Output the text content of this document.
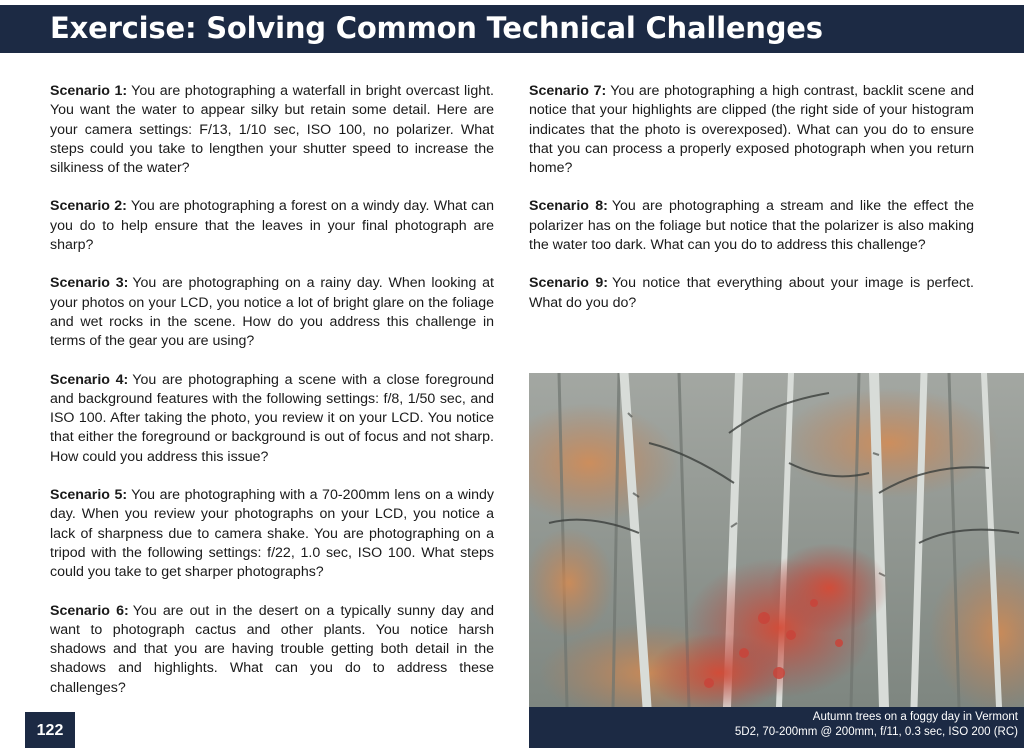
Exercise: Solving Common Technical Challenges

Scenario 1: You are photographing a waterfall in bright overcast light. You want the water to appear silky but retain some detail. Here are your camera settings: F/13, 1/10 sec, ISO 100, no polarizer. What steps could you take to lengthen your shutter speed to increase the silkiness of the water?

Scenario 2: You are photographing a forest on a windy day. What can you do to help ensure that the leaves in your final photograph are sharp?

Scenario 3: You are photographing on a rainy day. When looking at your photos on your LCD, you notice a lot of bright glare on the foliage and wet rocks in the scene. How do you address this challenge in terms of the gear you are using?

Scenario 4: You are photographing a scene with a close foreground and background features with the following settings: f/8, 1/50 sec, and ISO 100. After taking the photo, you review it on your LCD. You notice that either the foreground or background is out of focus and not sharp. How could you address this issue?

Scenario 5: You are photographing with a 70-200mm lens on a windy day. When you review your photographs on your LCD, you notice a lack of sharpness due to camera shake. You are photographing on a tripod with the following settings: f/22, 1.0 sec, ISO 100. What steps could you take to get sharper photographs?

Scenario 6: You are out in the desert on a typically sunny day and want to photograph cactus and other plants. You notice harsh shadows and that you are having trouble getting both detail in the shadows and highlights. What can you do to address these challenges?

Scenario 7: You are photographing a high contrast, backlit scene and notice that your highlights are clipped (the right side of your histogram indicates that the photo is overexposed). What can you do to ensure that you can process a properly exposed photograph when you return home?

Scenario 8: You are photographing a stream and like the effect the polarizer has on the foliage but notice that the polarizer is also making the water too dark. What can you do to address this challenge?

Scenario 9: You notice that everything about your image is perfect. What do you do?

Autumn trees on a foggy day in Vermont
5D2, 70-200mm @ 200mm, f/11, 0.3 sec, ISO 200 (RC)
122
